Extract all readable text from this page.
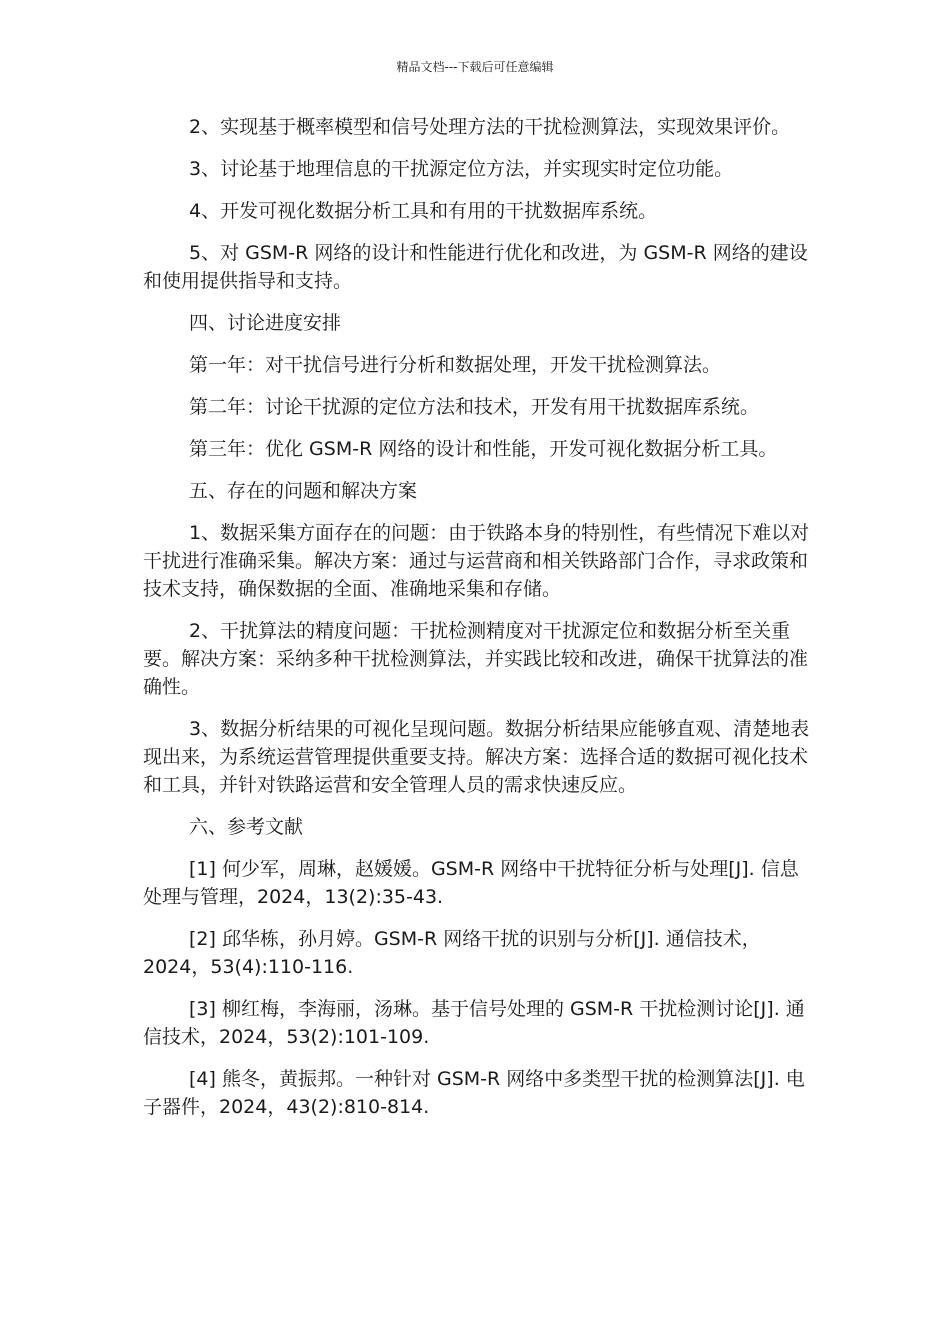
精品文档---下载后可任意编辑

2、实现基于概率模型和信号处理方法的干扰检测算法，实现效果评价。

3、讨论基于地理信息的干扰源定位方法，并实现实时定位功能。

4、开发可视化数据分析工具和有用的干扰数据库系统。

5、对 GSM-R 网络的设计和性能进行优化和改进，为 GSM-R 网络的建设和使用提供指导和支持。

四、讨论进度安排

第一年：对干扰信号进行分析和数据处理，开发干扰检测算法。

第二年：讨论干扰源的定位方法和技术，开发有用干扰数据库系统。

第三年：优化 GSM-R 网络的设计和性能，开发可视化数据分析工具。

五、存在的问题和解决方案

1、数据采集方面存在的问题：由于铁路本身的特别性，有些情况下难以对干扰进行准确采集。解决方案：通过与运营商和相关铁路部门合作，寻求政策和技术支持，确保数据的全面、准确地采集和存储。

2、干扰算法的精度问题：干扰检测精度对干扰源定位和数据分析至关重要。解决方案：采纳多种干扰检测算法，并实践比较和改进，确保干扰算法的准确性。

3、数据分析结果的可视化呈现问题。数据分析结果应能够直观、清楚地表现出来，为系统运营管理提供重要支持。解决方案：选择合适的数据可视化技术和工具，并针对铁路运营和安全管理人员的需求快速反应。

六、参考文献

[1] 何少军，周琳，赵媛媛。GSM-R 网络中干扰特征分析与处理[J]. 信息处理与管理，2024，13(2):35-43.

[2] 邱华栋，孙月婷。GSM-R 网络干扰的识别与分析[J]. 通信技术，2024，53(4):110-116.

[3] 柳红梅，李海丽，汤琳。基于信号处理的 GSM-R 干扰检测讨论[J]. 通信技术，2024，53(2):101-109.

[4] 熊冬，黄振邦。一种针对 GSM-R 网络中多类型干扰的检测算法[J]. 电子器件，2024，43(2):810-814.
